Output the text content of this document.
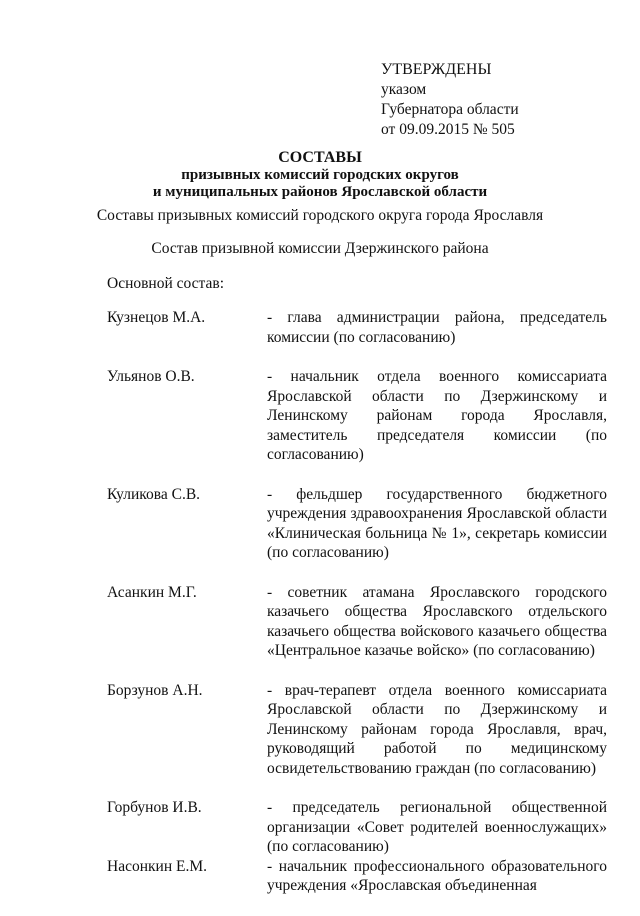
УТВЕРЖДЕНЫ
указом
Губернатора области
от 09.09.2015 № 505
СОСТАВЫ
призывных комиссий городских округов
и муниципальных районов Ярославской области
Составы призывных комиссий городского округа города Ярославля
Состав призывной комиссии Дзержинского района
Основной состав:
Кузнецов М.А.	- глава администрации района, председатель комиссии (по согласованию)
Ульянов О.В.	- начальник отдела военного комиссариата Ярославской области по Дзержинскому и Ленинскому районам города Ярославля, заместитель председателя комиссии (по согласованию)
Куликова С.В.	- фельдшер государственного бюджетного учреждения здравоохранения Ярославской области «Клиническая больница № 1», секретарь комиссии (по согласованию)
Асанкин М.Г.	- советник атамана Ярославского городского казачьего общества Ярославского отдельского казачьего общества войскового казачьего общества «Центральное казачье войско» (по согласованию)
Борзунов А.Н.	- врач-терапевт отдела военного комиссариата Ярославской области по Дзержинскому и Ленинскому районам города Ярославля, врач, руководящий работой по медицинскому освидетельствованию граждан (по согласованию)
Горбунов И.В.	- председатель региональной общественной организации «Совет родителей военнослужащих» (по согласованию)
Насонкин Е.М.	- начальник профессионального образовательного учреждения «Ярославская объединенная
